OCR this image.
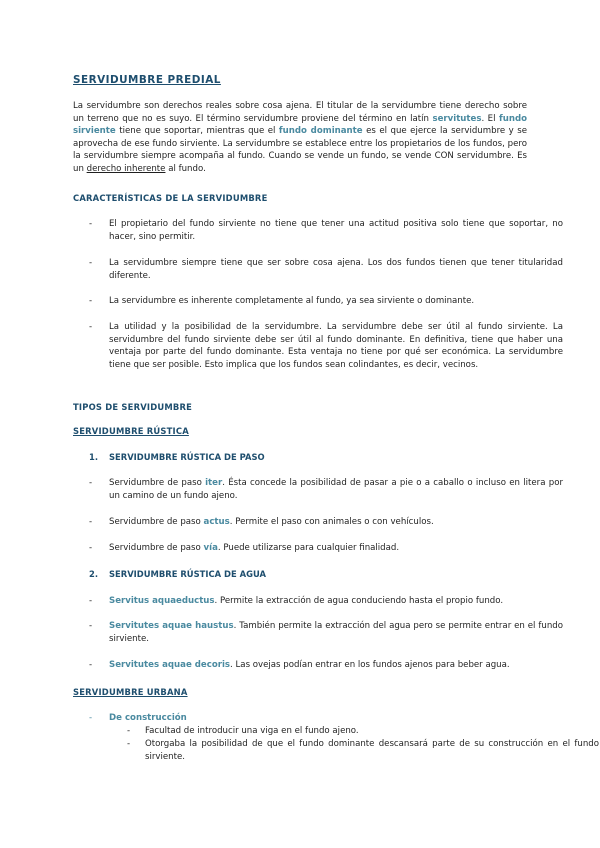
SERVIDUMBRE PREDIAL

La servidumbre son derechos reales sobre cosa ajena. El titular de la servidumbre tiene derecho sobre un terreno que no es suyo. El término servidumbre proviene del término en latín servitutes. El fundo sirviente tiene que soportar, mientras que el fundo dominante es el que ejerce la servidumbre y se aprovecha de ese fundo sirviente. La servidumbre se establece entre los propietarios de los fundos, pero la servidumbre siempre acompaña al fundo. Cuando se vende un fundo, se vende CON servidumbre. Es un derecho inherente al fundo.

CARACTERÍSTICAS DE LA SERVIDUMBRE

- El propietario del fundo sirviente no tiene que tener una actitud positiva solo tiene que soportar, no hacer, sino permitir.
- La servidumbre siempre tiene que ser sobre cosa ajena. Los dos fundos tienen que tener titularidad diferente.
- La servidumbre es inherente completamente al fundo, ya sea sirviente o dominante.
- La utilidad y la posibilidad de la servidumbre. La servidumbre debe ser útil al fundo sirviente. La servidumbre del fundo sirviente debe ser útil al fundo dominante. En definitiva, tiene que haber una ventaja por parte del fundo dominante. Esta ventaja no tiene por qué ser económica. La servidumbre tiene que ser posible. Esto implica que los fundos sean colindantes, es decir, vecinos.

TIPOS DE SERVIDUMBRE

SERVIDUMBRE RÚSTICA

1. SERVIDUMBRE RÚSTICA DE PASO
- Servidumbre de paso iter. Ésta concede la posibilidad de pasar a pie o a caballo o incluso en litera por un camino de un fundo ajeno.
- Servidumbre de paso actus. Permite el paso con animales o con vehículos.
- Servidumbre de paso vía. Puede utilizarse para cualquier finalidad.
2. SERVIDUMBRE RÚSTICA DE AGUA
- Servitus aquaeductus. Permite la extracción de agua conduciendo hasta el propio fundo.
- Servitutes aquae haustus. También permite la extracción del agua pero se permite entrar en el fundo sirviente.
- Servitutes aquae decoris. Las ovejas podían entrar en los fundos ajenos para beber agua.

SERVIDUMBRE URBANA

- De construcción
- Facultad de introducir una viga en el fundo ajeno.
- Otorgaba la posibilidad de que el fundo dominante descansará parte de su construcción en el fundo sirviente.
